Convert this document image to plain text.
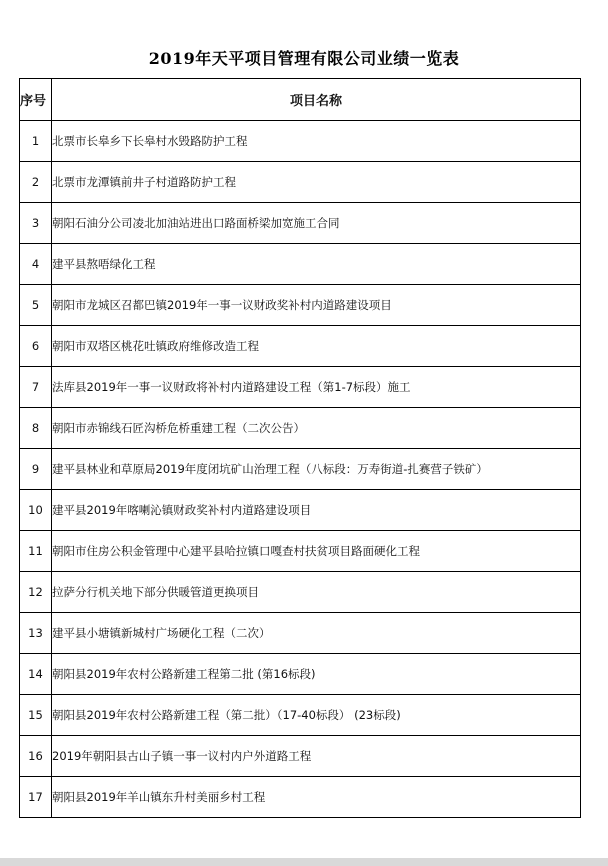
2019年天平项目管理有限公司业绩一览表
序号	项目名称
1	北票市长皋乡下长皋村水毁路防护工程
2	北票市龙潭镇前井子村道路防护工程
3	朝阳石油分公司凌北加油站进出口路面桥梁加宽施工合同
4	建平县熬唔绿化工程
5	朝阳市龙城区召都巴镇2019年一事一议财政奖补村内道路建设项目
6	朝阳市双塔区桃花吐镇政府维修改造工程
7	法库县2019年一事一议财政将补村内道路建设工程（第1-7标段）施工
8	朝阳市赤锦线石匠沟桥危桥重建工程（二次公告）
9	建平县林业和草原局2019年度闭坑矿山治理工程（八标段：万寿街道-扎赛营子铁矿）
10	建平县2019年喀喇沁镇财政奖补村内道路建设项目
11	朝阳市住房公积金管理中心建平县哈拉镇口嘎查村扶贫项目路面硬化工程
12	拉萨分行机关地下部分供暖管道更换项目
13	建平县小塘镇新城村广场硬化工程（二次）
14	朝阳县2019年农村公路新建工程第二批 (第16标段)
15	朝阳县2019年农村公路新建工程（第二批）（17-40标段） (23标段)
16	2019年朝阳县古山子镇一事一议村内户外道路工程
17	朝阳县2019年羊山镇东升村美丽乡村工程
